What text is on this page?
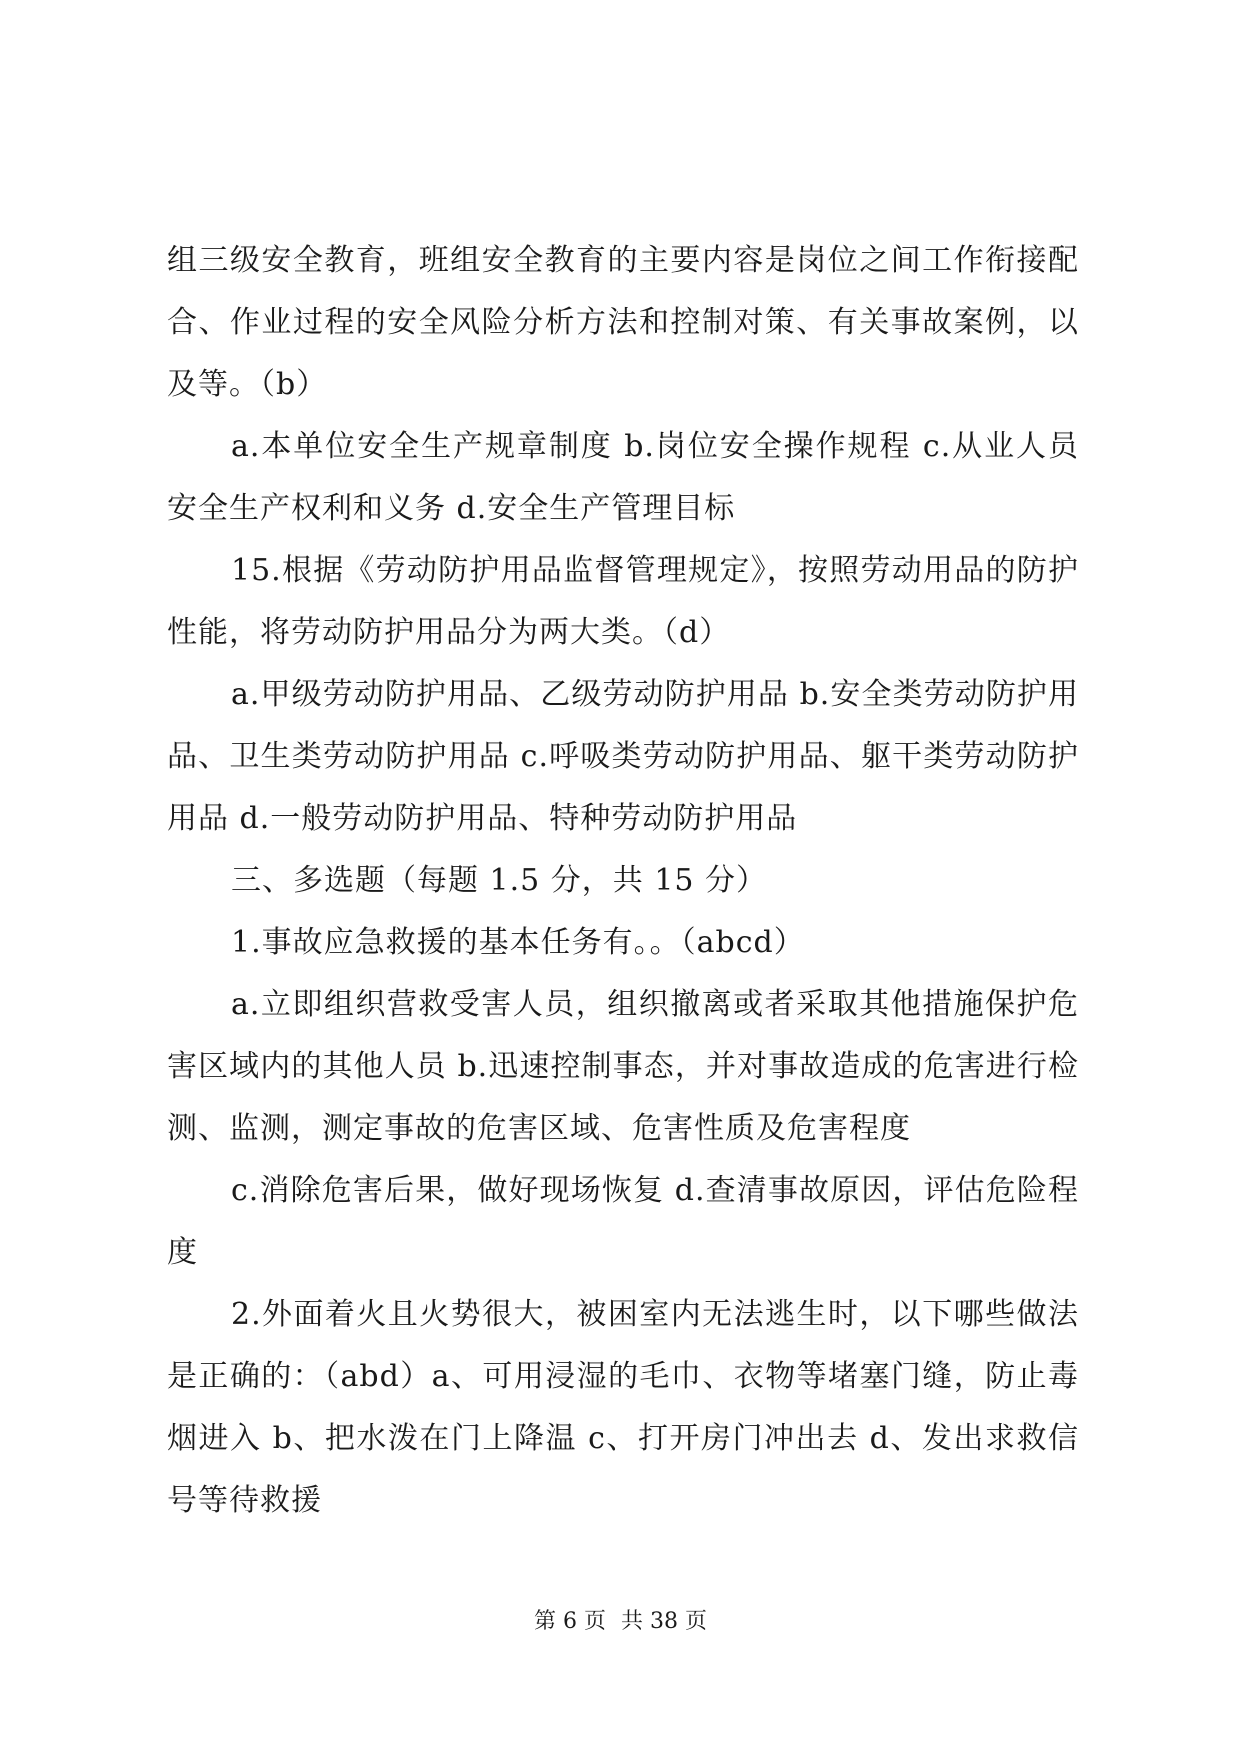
组三级安全教育，班组安全教育的主要内容是岗位之间工作衔接配合、作业过程的安全风险分析方法和控制对策、有关事故案例，以及等。（b）

a.本单位安全生产规章制度 b.岗位安全操作规程 c.从业人员安全生产权利和义务 d.安全生产管理目标

15.根据《劳动防护用品监督管理规定》，按照劳动用品的防护性能，将劳动防护用品分为两大类。（d）

a.甲级劳动防护用品、乙级劳动防护用品 b.安全类劳动防护用品、卫生类劳动防护用品 c.呼吸类劳动防护用品、躯干类劳动防护用品 d.一般劳动防护用品、特种劳动防护用品

三、多选题（每题 1.5 分，共 15 分）

1.事故应急救援的基本任务有。。（abcd）

a.立即组织营救受害人员，组织撤离或者采取其他措施保护危害区域内的其他人员 b.迅速控制事态，并对事故造成的危害进行检测、监测，测定事故的危害区域、危害性质及危害程度

c.消除危害后果，做好现场恢复 d.查清事故原因，评估危险程度

2.外面着火且火势很大，被困室内无法逃生时，以下哪些做法是正确的：（abd）a、可用浸湿的毛巾、衣物等堵塞门缝，防止毒烟进入 b、把水泼在门上降温 c、打开房门冲出去 d、发出求救信号等待救援

第 6 页 共 38 页
